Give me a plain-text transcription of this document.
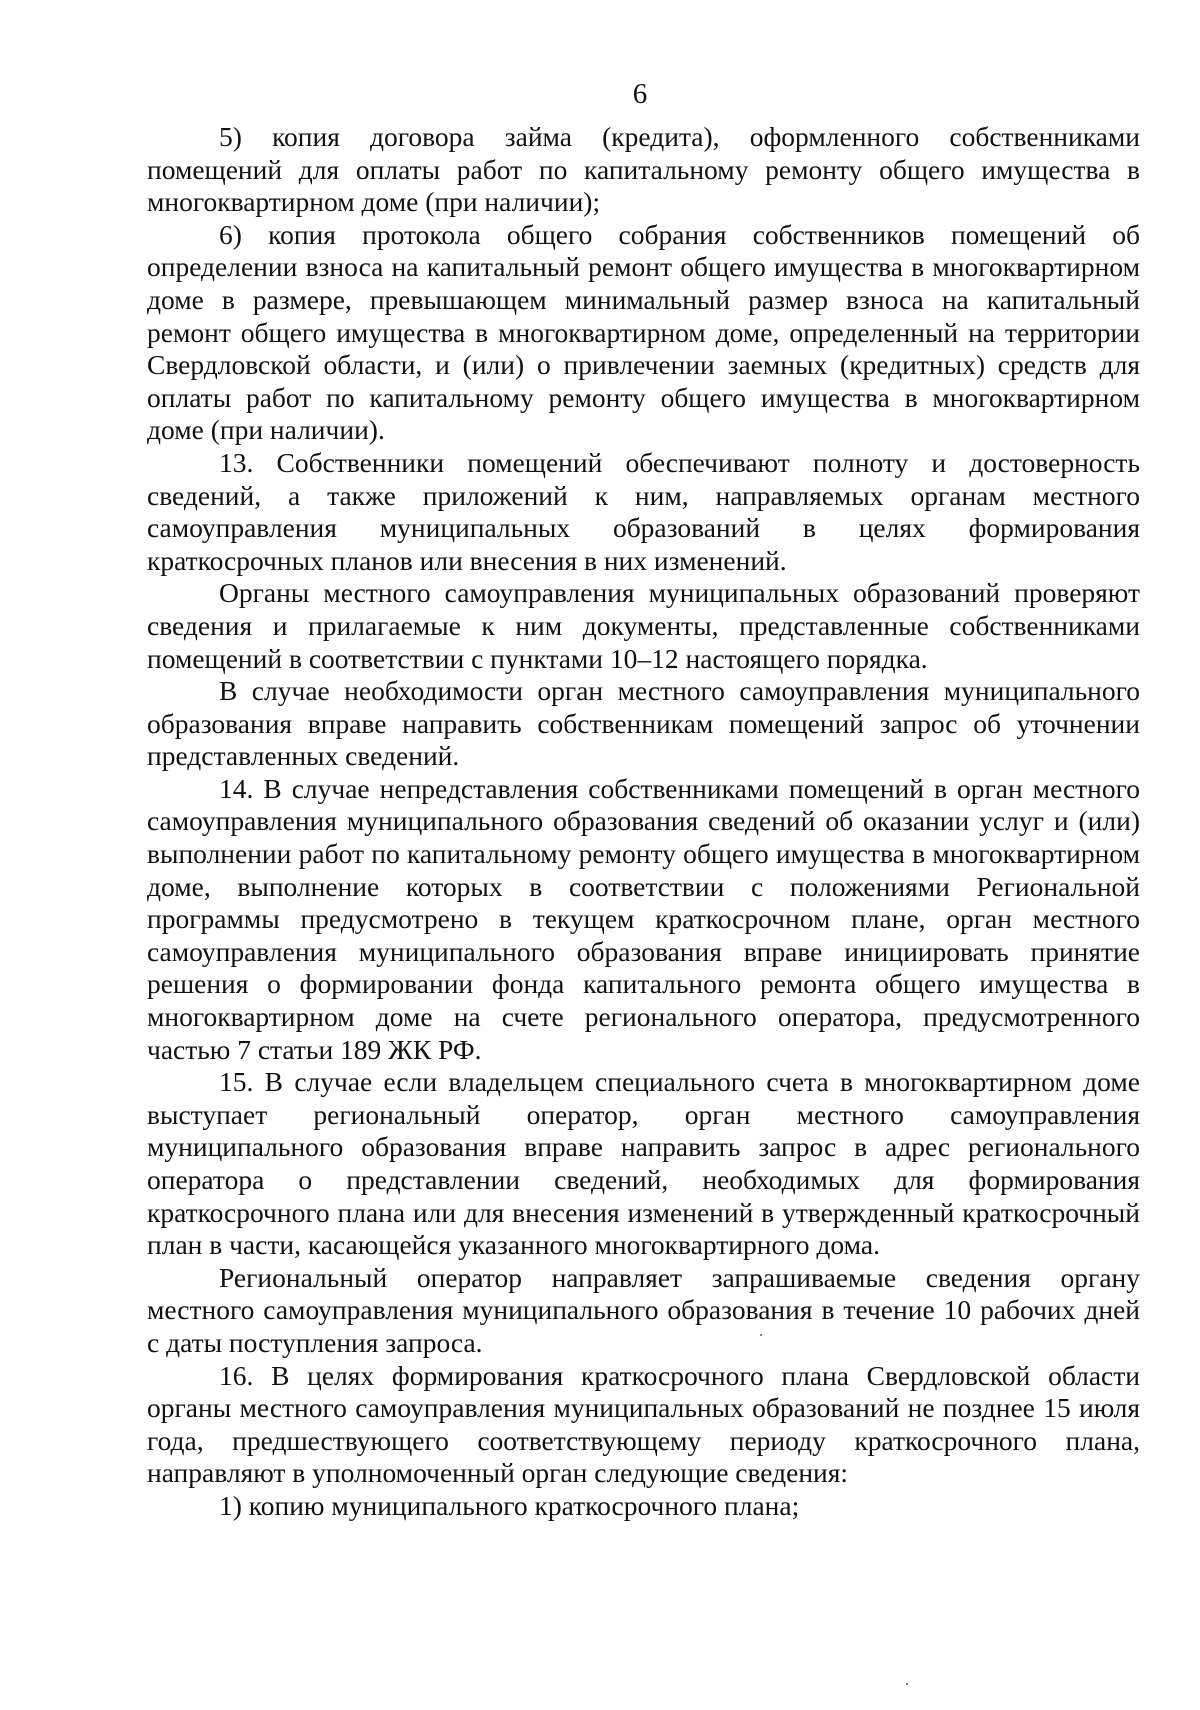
6

5) копия договора займа (кредита), оформленного собственниками помещений для оплаты работ по капитальному ремонту общего имущества в многоквартирном доме (при наличии);

6) копия протокола общего собрания собственников помещений об определении взноса на капитальный ремонт общего имущества в многоквартирном доме в размере, превышающем минимальный размер взноса на капитальный ремонт общего имущества в многоквартирном доме, определенный на территории Свердловской области, и (или) о привлечении заемных (кредитных) средств для оплаты работ по капитальному ремонту общего имущества в многоквартирном доме (при наличии).

13. Собственники помещений обеспечивают полноту и достоверность сведений, а также приложений к ним, направляемых органам местного самоуправления муниципальных образований в целях формирования краткосрочных планов или внесения в них изменений.

Органы местного самоуправления муниципальных образований проверяют сведения и прилагаемые к ним документы, представленные собственниками помещений в соответствии с пунктами 10–12 настоящего порядка.

В случае необходимости орган местного самоуправления муниципального образования вправе направить собственникам помещений запрос об уточнении представленных сведений.

14. В случае непредставления собственниками помещений в орган местного самоуправления муниципального образования сведений об оказании услуг и (или) выполнении работ по капитальному ремонту общего имущества в многоквартирном доме, выполнение которых в соответствии с положениями Региональной программы предусмотрено в текущем краткосрочном плане, орган местного самоуправления муниципального образования вправе инициировать принятие решения о формировании фонда капитального ремонта общего имущества в многоквартирном доме на счете регионального оператора, предусмотренного частью 7 статьи 189 ЖК РФ.

15. В случае если владельцем специального счета в многоквартирном доме выступает региональный оператор, орган местного самоуправления муниципального образования вправе направить запрос в адрес регионального оператора о представлении сведений, необходимых для формирования краткосрочного плана или для внесения изменений в утвержденный краткосрочный план в части, касающейся указанного многоквартирного дома.

Региональный оператор направляет запрашиваемые сведения органу местного самоуправления муниципального образования в течение 10 рабочих дней с даты поступления запроса.

16. В целях формирования краткосрочного плана Свердловской области органы местного самоуправления муниципальных образований не позднее 15 июля года, предшествующего соответствующему периоду краткосрочного плана, направляют в уполномоченный орган следующие сведения:

1) копию муниципального краткосрочного плана;
